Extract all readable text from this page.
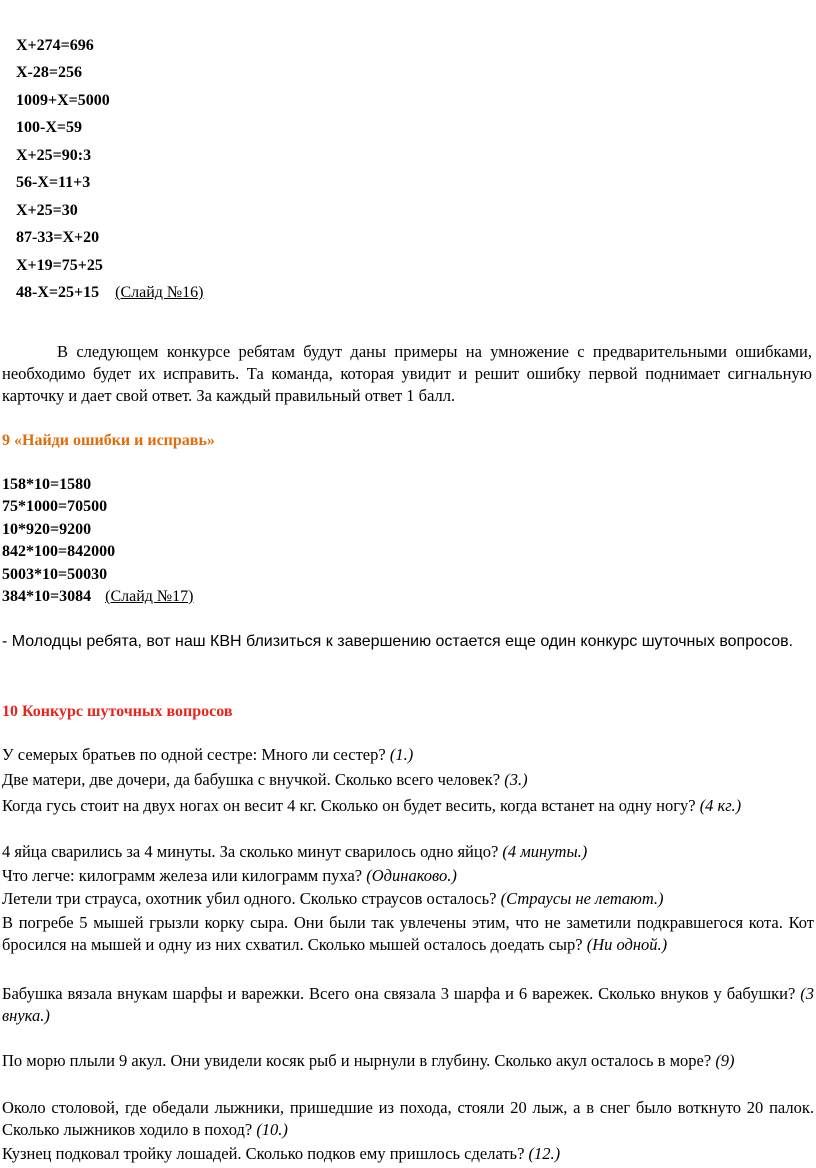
X+274=696
X-28=256
1009+X=5000
100-X=59
X+25=90:3
56-X=11+3
X+25=30
87-33=X+20
X+19=75+25
48-X=25+15 (Слайд №16)
В следующем конкурсе ребятам будут даны примеры на умножение с предварительными ошибками, необходимо будет их исправить. Та команда, которая увидит и решит ошибку первой поднимает сигнальную карточку и дает свой ответ. За каждый правильный ответ 1 балл.
9 «Найди ошибки и исправь»
158*10=1580
75*1000=70500
10*920=9200
842*100=842000
5003*10=50030
384*10=3084 (Слайд №17)
- Молодцы ребята, вот наш КВН близиться к завершению остается еще один конкурс шуточных вопросов.
10 Конкурс шуточных вопросов
У семерых братьев по одной сестре: Много ли сестер? (1.)
Две матери, две дочери, да бабушка с внучкой. Сколько всего человек? (3.)
Когда гусь стоит на двух ногах он весит 4 кг. Сколько он будет весить, когда встанет на одну ногу? (4 кг.)
4 яйца сварились за 4 минуты. За сколько минут сварилось одно яйцо? (4 минуты.)
Что легче: килограмм железа или килограмм пуха? (Одинаково.)
Летели три страуса, охотник убил одного. Сколько страусов осталось? (Страусы не летают.)
В погребе 5 мышей грызли корку сыра. Они были так увлечены этим, что не заметили подкравшегося кота. Кот бросился на мышей и одну из них схватил. Сколько мышей осталось доедать сыр? (Ни одной.)
Бабушка вязала внукам шарфы и варежки. Всего она связала 3 шарфа и 6 варежек. Сколько внуков у бабушки? (3 внука.)
По морю плыли 9 акул. Они увидели косяк рыб и нырнули в глубину. Сколько акул осталось в море? (9)
Около столовой, где обедали лыжники, пришедшие из похода, стояли 20 лыж, а в снег было воткнуто 20 палок. Сколько лыжников ходило в поход? (10.)
Кузнец подковал тройку лошадей. Сколько подков ему пришлось сделать? (12.)
